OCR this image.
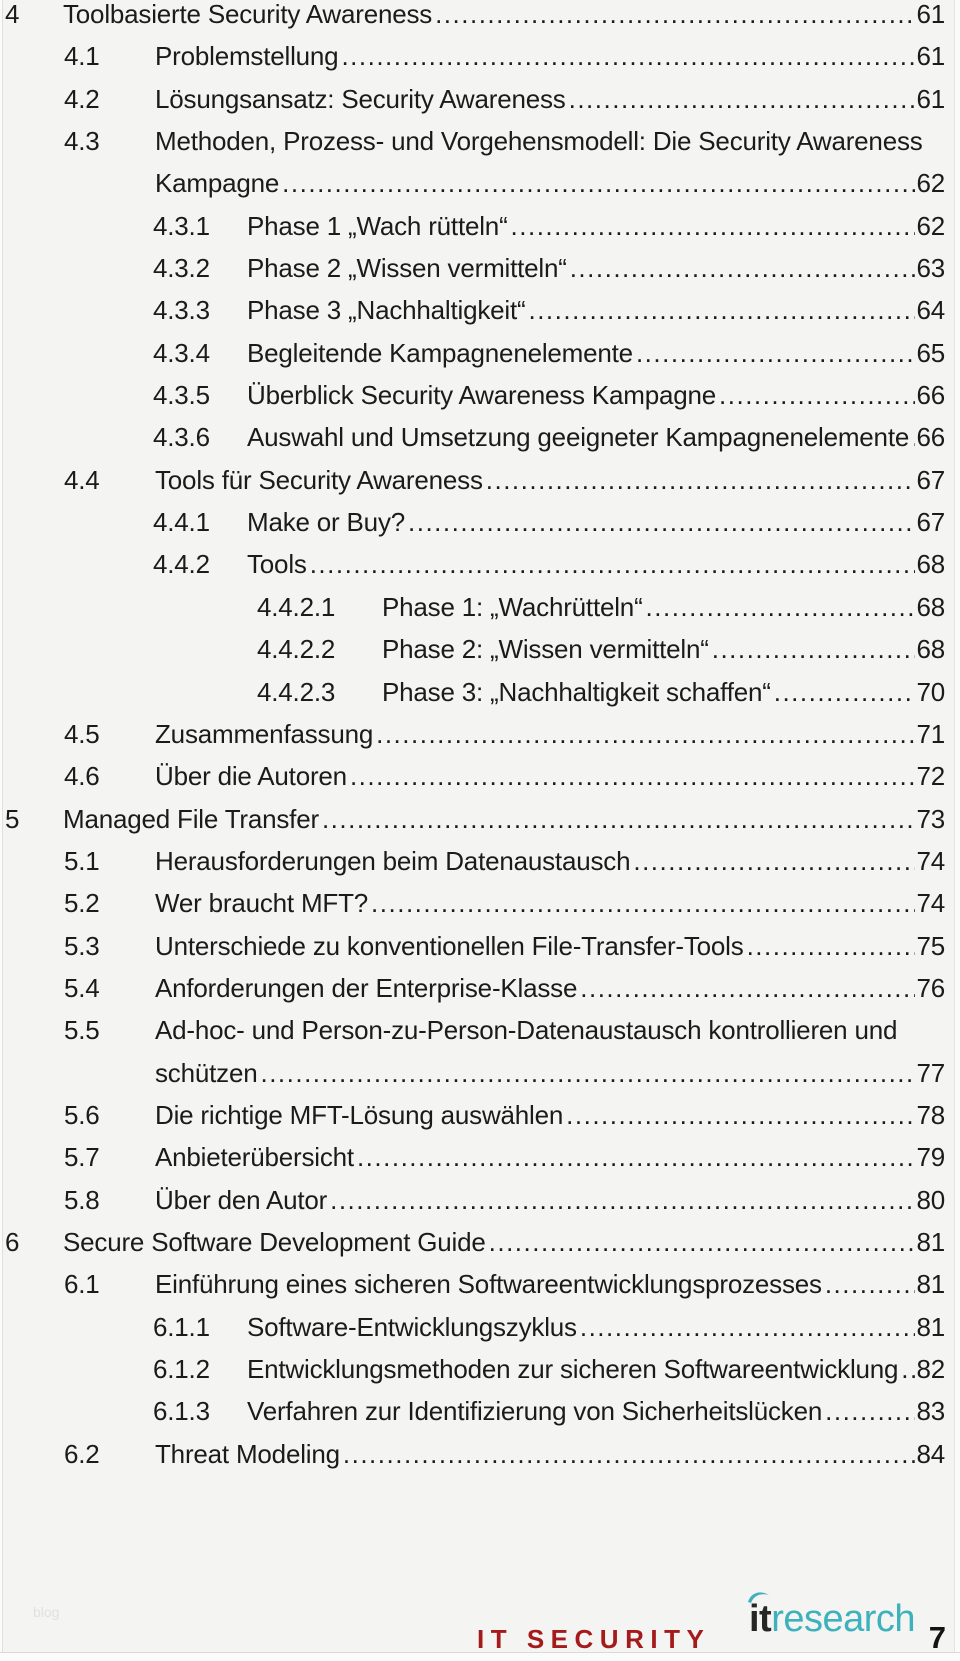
4	Toolbasierte Security Awareness .....	61
4.1	Problemstellung .....	61
4.2	Lösungsansatz: Security Awareness .....	61
4.3	Methoden, Prozess- und Vorgehensmodell: Die Security Awareness
Kampagne .....	62
4.3.1	Phase 1 „Wach rütteln“ .....	62
4.3.2	Phase 2 „Wissen vermitteln“ .....	63
4.3.3	Phase 3 „Nachhaltigkeit“ .....	64
4.3.4	Begleitende Kampagnenelemente .....	65
4.3.5	Überblick Security Awareness Kampagne .....	66
4.3.6	Auswahl und Umsetzung geeigneter Kampagnenelemente ..... 66
4.4	Tools für Security Awareness .....	67
4.4.1	Make or Buy? .....	67
4.4.2	Tools .....	68
4.4.2.1	Phase 1: „Wachrütteln“ .....	68
4.4.2.2	Phase 2: „Wissen vermitteln“ .....	68
4.4.2.3	Phase 3: „Nachhaltigkeit schaffen“ .....	70
4.5	Zusammenfassung .....	71
4.6	Über die Autoren .....	72
5	Managed File Transfer .....	73
5.1	Herausforderungen beim Datenaustausch .....	74
5.2	Wer braucht MFT? .....	74
5.3	Unterschiede zu konventionellen File-Transfer-Tools .....	75
5.4	Anforderungen der Enterprise-Klasse .....	76
5.5	Ad-hoc- und Person-zu-Person-Datenaustausch kontrollieren und
schützen .....	77
5.6	Die richtige MFT-Lösung auswählen .....	78
5.7	Anbieterübersicht .....	79
5.8	Über den Autor .....	80
6	Secure Software Development Guide .....	81
6.1	Einführung eines sicheren Softwareentwicklungsprozesses .....	81
6.1.1	Software-Entwicklungszyklus .....	81
6.1.2	Entwicklungsmethoden zur sicheren Softwareentwicklung ..... 82
6.1.3	Verfahren zur Identifizierung von Sicherheitslücken .....	83
6.2	Threat Modeling .....	84
blog
IT SECURITY itresearch 7
